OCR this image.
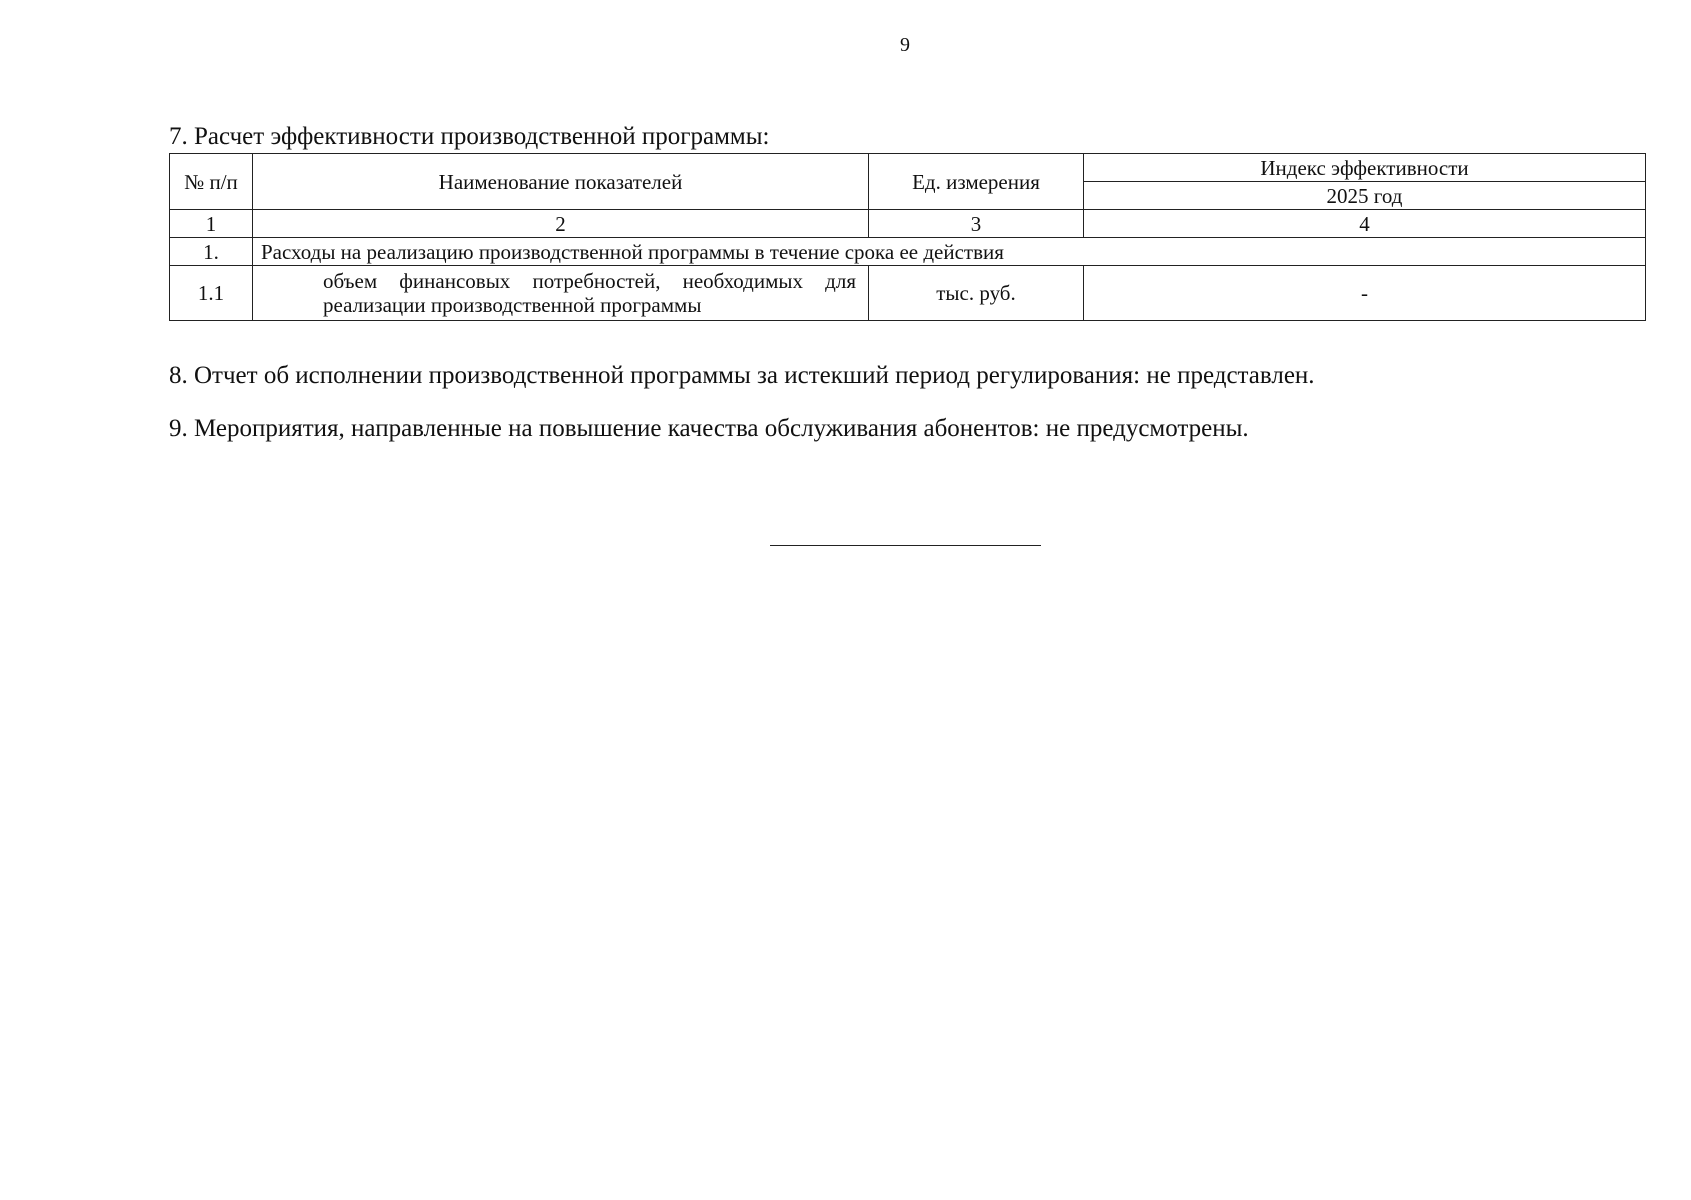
9
7. Расчет эффективности производственной программы:
№ п/п	Наименование показателей	Ед. измерения	Индекс эффективности
			2025 год
1	2	3	4
1.	Расходы на реализацию производственной программы в течение срока ее действия		
1.1	объем финансовых потребностей, необходимых для реализации производственной программы	тыс. руб.	-
8. Отчет об исполнении производственной программы за истекший период регулирования: не представлен.
9. Мероприятия, направленные на повышение качества обслуживания абонентов: не предусмотрены.
